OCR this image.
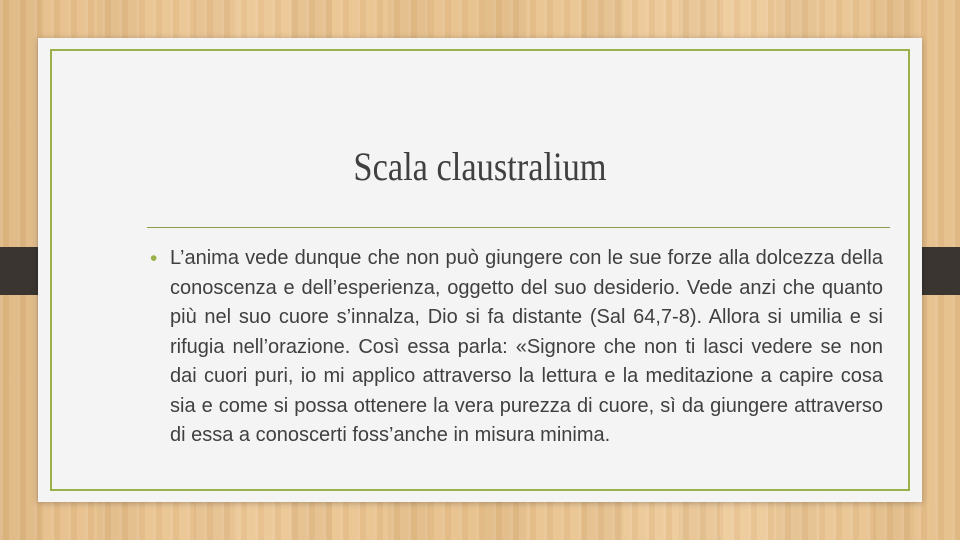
Scala claustralium
• L’anima vede dunque che non può giungere con le sue forze alla dolcezza della conoscenza e dell’esperienza, oggetto del suo desiderio. Vede anzi che quanto più nel suo cuore s’innalza, Dio si fa distante (Sal 64,7-8). Allora si umilia e si rifugia nell’orazione. Così essa parla: «Signore che non ti lasci vedere se non dai cuori puri, io mi applico attraverso la lettura e la meditazione a capire cosa sia e come si possa ottenere la vera purezza di cuore, sì da giungere attraverso di essa a conoscerti foss’anche in misura minima.
